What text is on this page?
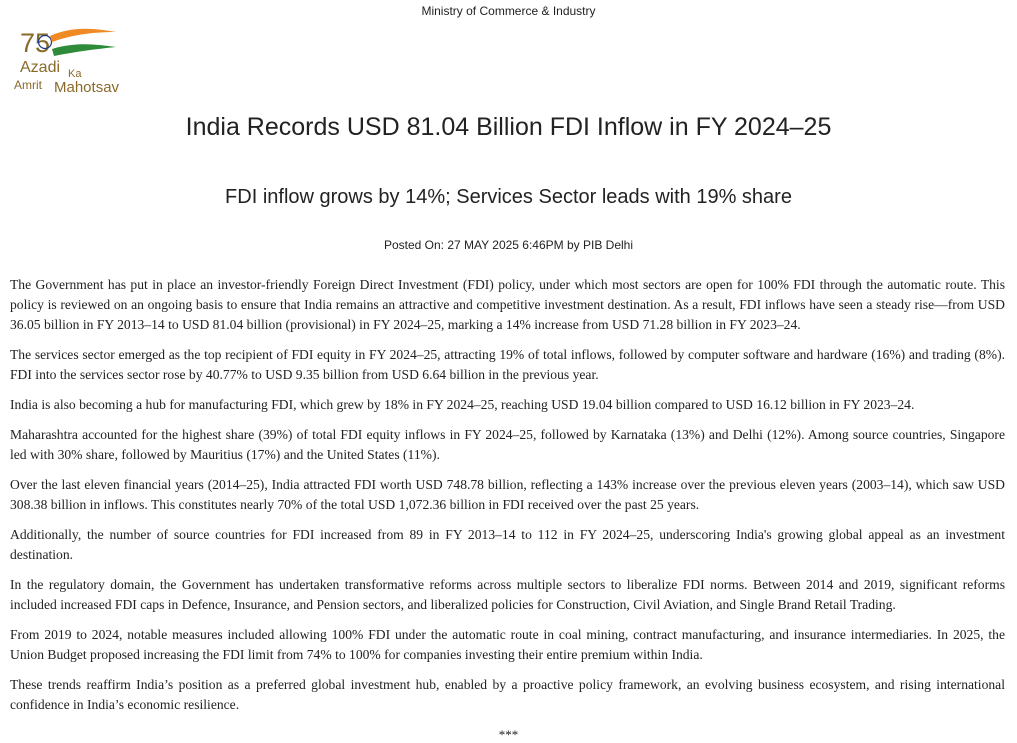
Ministry of Commerce & Industry
75
Azadi Ka
Amrit Mahotsav
India Records USD 81.04 Billion FDI Inflow in FY 2024–25
FDI inflow grows by 14%; Services Sector leads with 19% share
Posted On: 27 MAY 2025 6:46PM by PIB Delhi

The Government has put in place an investor-friendly Foreign Direct Investment (FDI) policy, under which most sectors are open for 100% FDI through the automatic route. This policy is reviewed on an ongoing basis to ensure that India remains an attractive and competitive investment destination. As a result, FDI inflows have seen a steady rise—from USD 36.05 billion in FY 2013–14 to USD 81.04 billion (provisional) in FY 2024–25, marking a 14% increase from USD 71.28 billion in FY 2023–24.

The services sector emerged as the top recipient of FDI equity in FY 2024–25, attracting 19% of total inflows, followed by computer software and hardware (16%) and trading (8%). FDI into the services sector rose by 40.77% to USD 9.35 billion from USD 6.64 billion in the previous year.

India is also becoming a hub for manufacturing FDI, which grew by 18% in FY 2024–25, reaching USD 19.04 billion compared to USD 16.12 billion in FY 2023–24.

Maharashtra accounted for the highest share (39%) of total FDI equity inflows in FY 2024–25, followed by Karnataka (13%) and Delhi (12%). Among source countries, Singapore led with 30% share, followed by Mauritius (17%) and the United States (11%).

Over the last eleven financial years (2014–25), India attracted FDI worth USD 748.78 billion, reflecting a 143% increase over the previous eleven years (2003–14), which saw USD 308.38 billion in inflows. This constitutes nearly 70% of the total USD 1,072.36 billion in FDI received over the past 25 years.

Additionally, the number of source countries for FDI increased from 89 in FY 2013–14 to 112 in FY 2024–25, underscoring India's growing global appeal as an investment destination.

In the regulatory domain, the Government has undertaken transformative reforms across multiple sectors to liberalize FDI norms. Between 2014 and 2019, significant reforms included increased FDI caps in Defence, Insurance, and Pension sectors, and liberalized policies for Construction, Civil Aviation, and Single Brand Retail Trading.

From 2019 to 2024, notable measures included allowing 100% FDI under the automatic route in coal mining, contract manufacturing, and insurance intermediaries. In 2025, the Union Budget proposed increasing the FDI limit from 74% to 100% for companies investing their entire premium within India.

These trends reaffirm India’s position as a preferred global investment hub, enabled by a proactive policy framework, an evolving business ecosystem, and rising international confidence in India’s economic resilience.

***
